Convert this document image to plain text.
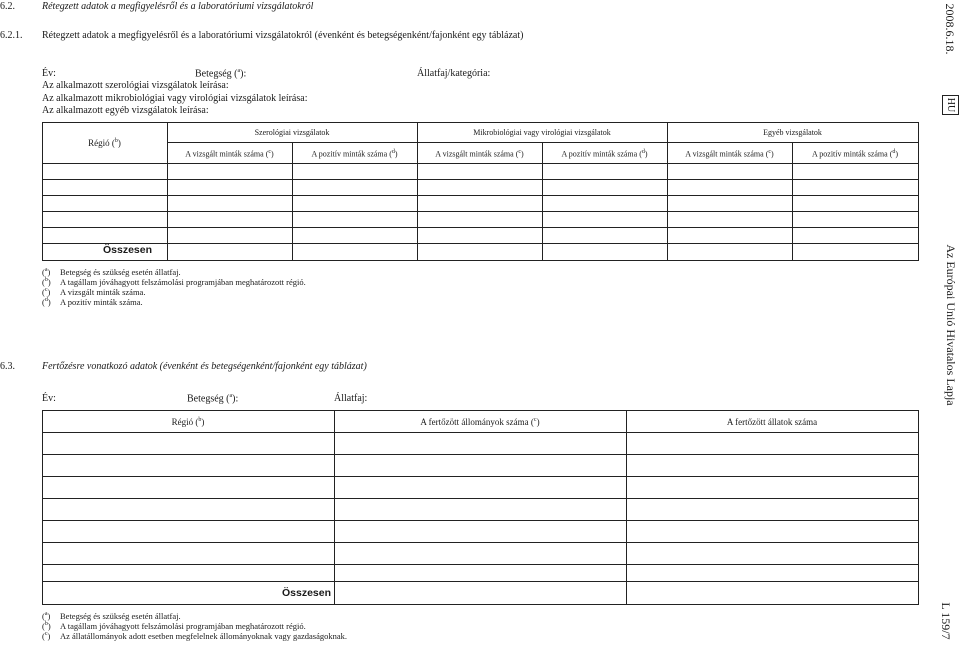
6.2.	Rétegzett adatok a megfigyelésről és a laboratóriumi vizsgálatokról
6.2.1. Rétegzett adatok a megfigyelésről és a laboratóriumi vizsgálatokról (évenként és betegségenként/fajonként egy táblázat)
Év:	Betegség ($^a$):	Állatfaj/kategória:
Az alkalmazott szerológiai vizsgálatok leírása:
Az alkalmazott mikrobiológiai vagy virológiai vizsgálatok leírása:
Az alkalmazott egyéb vizsgálatok leírása:
Régió ($^b$)
Szerológiai vizsgálatok	Mikrobiológiai vagy virológiai vizsgálatok	Egyéb vizsgálatok
A vizsgált minták száma ($^c$)	A pozitív minták száma ($^d$)	A vizsgált minták száma ($^c$)	A pozitív minták száma ($^d$)	A vizsgált minták száma ($^c$)	A pozitív minták száma ($^d$)
Összesen
($^a$) Betegség és szükség esetén állatfaj.
($^b$) A tagállam jóváhagyott felszámolási programjában meghatározott régió.
($^c$) A vizsgált minták száma.
($^d$) A pozitív minták száma.
6.3.	Fertőzésre vonatkozó adatok (évenként és betegségenként/fajonként egy táblázat)
Év:	Betegség ($^a$):	Állatfaj:
Régió ($^b$)	A fertőzött állományok száma ($^c$)	A fertőzött állatok száma
Összesen
($^a$) Betegség és szükség esetén állatfaj.
($^b$) A tagállam jóváhagyott felszámolási programjában meghatározott régió.
($^c$) Az állatállományok adott esetben megfelelnek állományoknak vagy gazdaságoknak.
2008.6.18.
HU
Az Európai Unió Hivatalos Lapja
L 159/7
